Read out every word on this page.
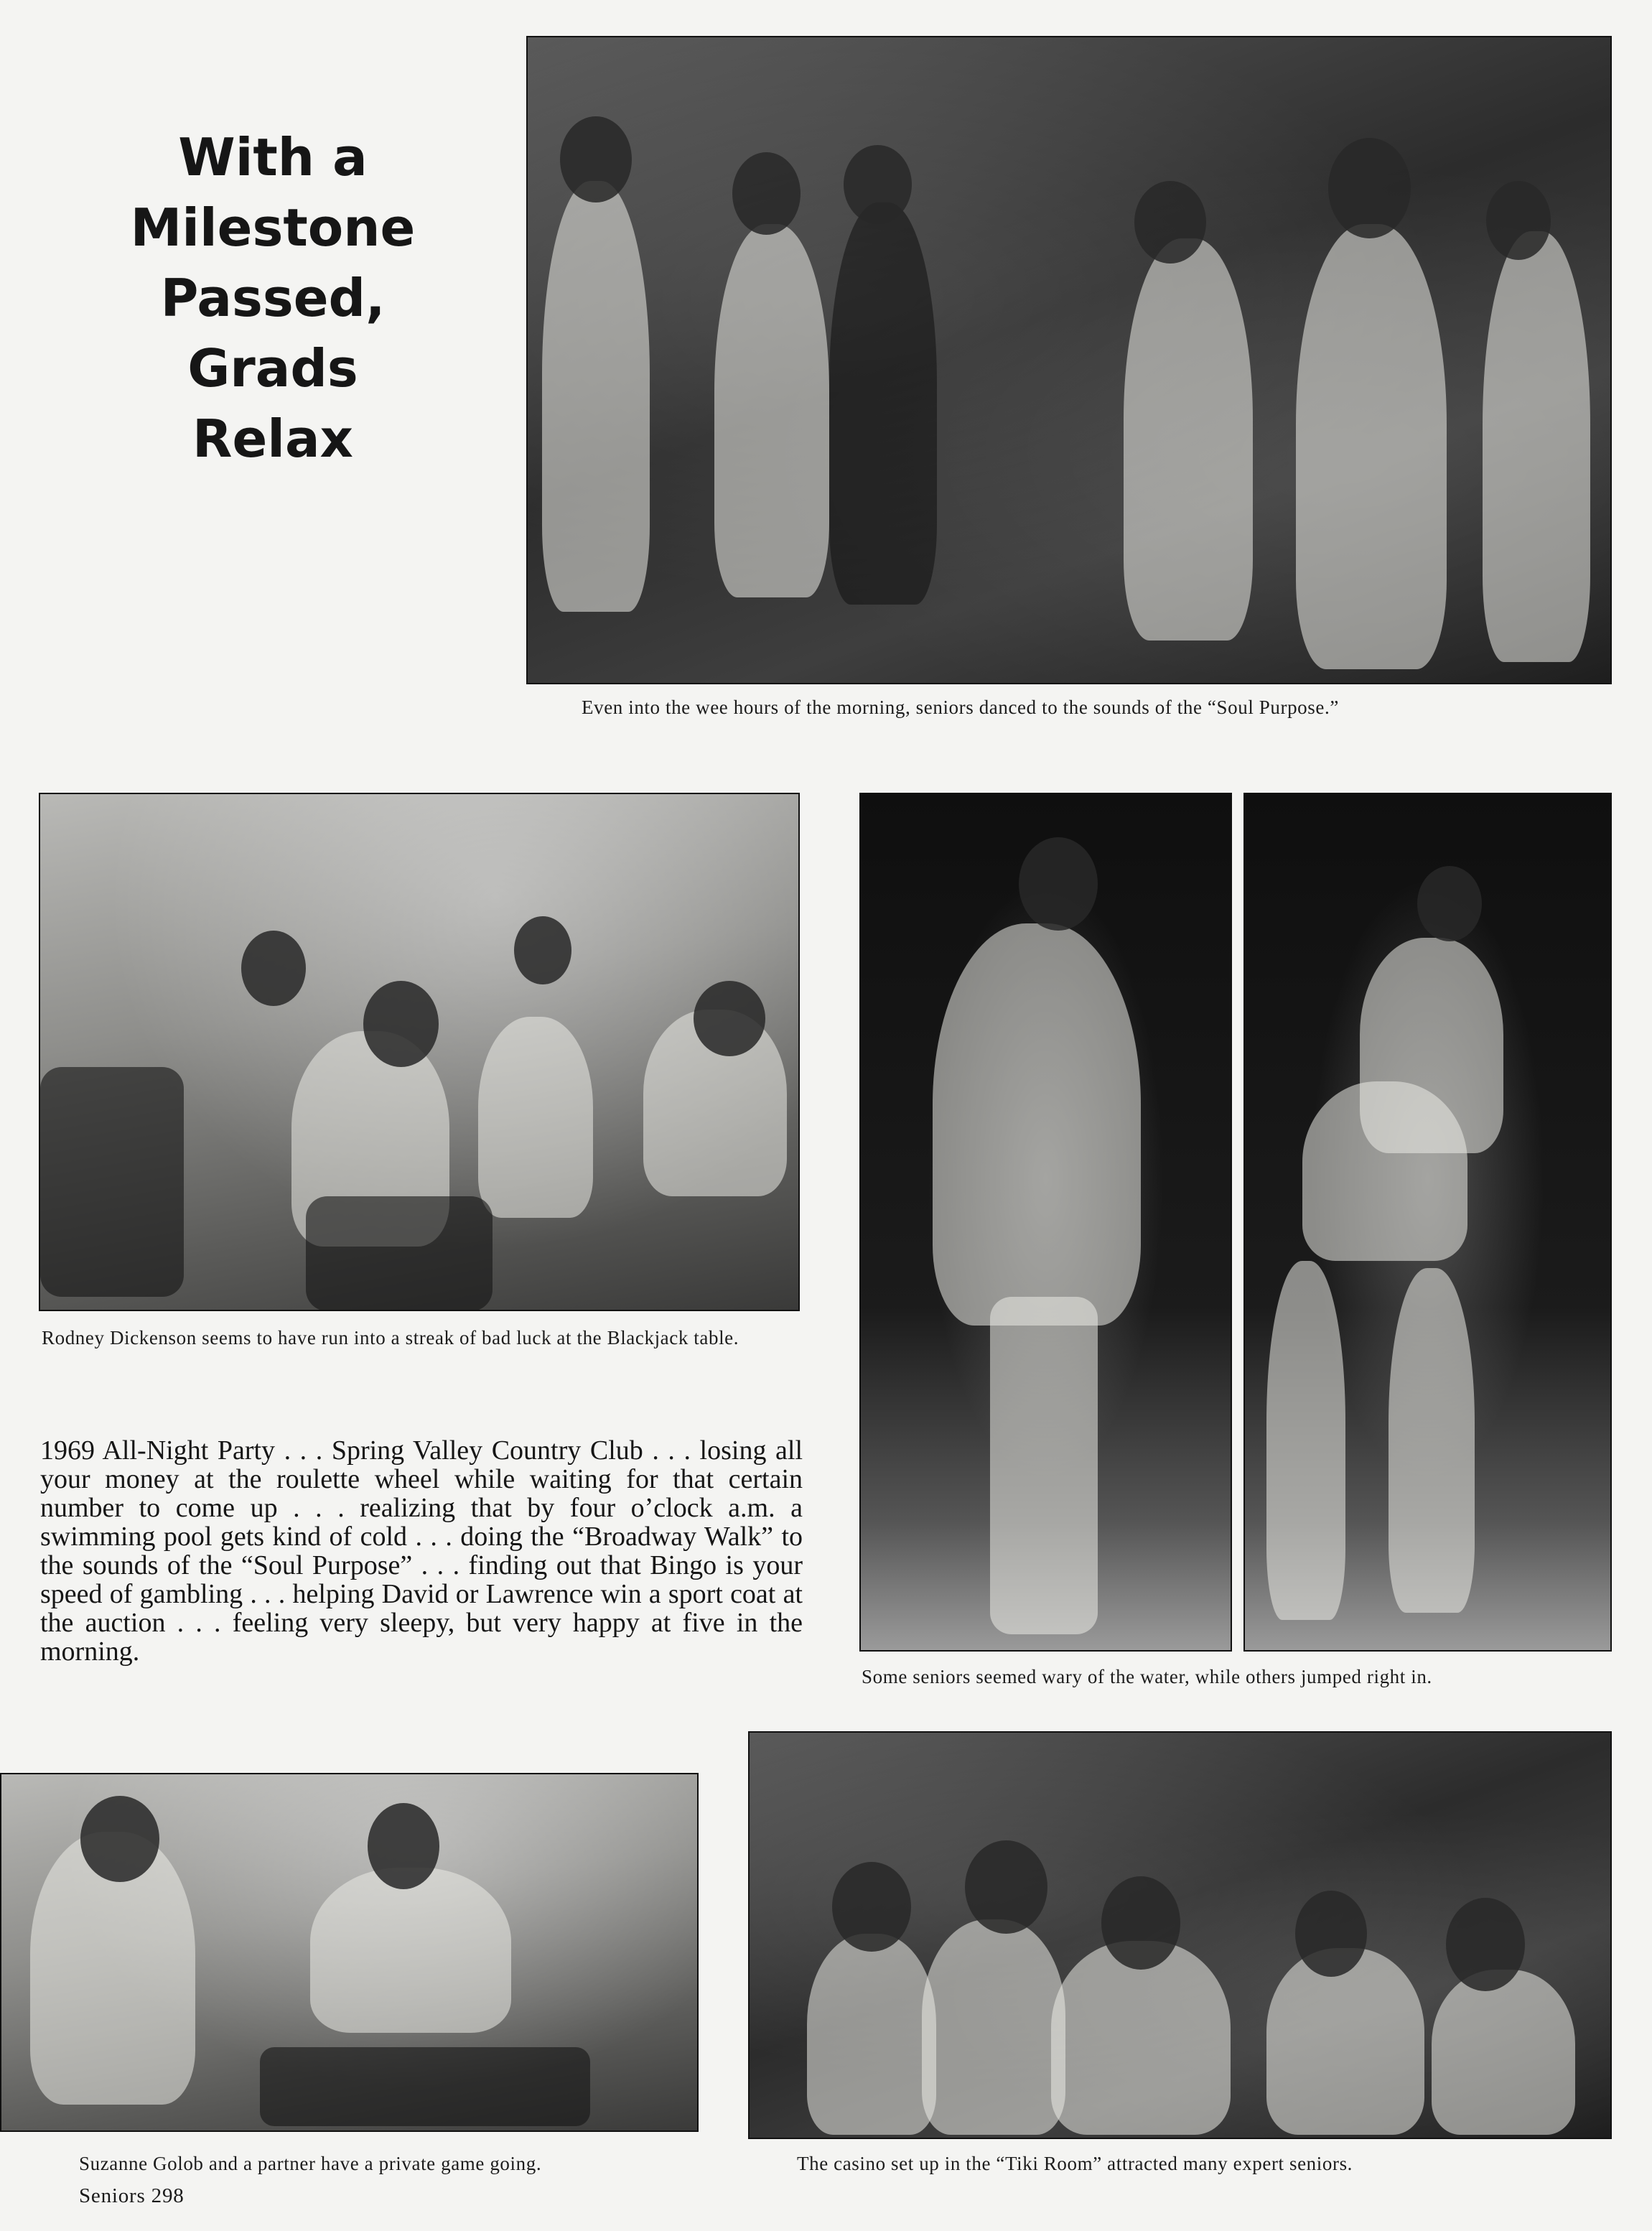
With a
Milestone
Passed,
Grads
Relax
Even into the wee hours of the morning, seniors danced to the sounds of the “Soul Purpose.”
Rodney Dickenson seems to have run into a streak of bad luck at the Blackjack table.
1969 All-Night Party . . . Spring Valley Country Club . . . losing all your money at the roulette wheel while waiting for that certain number to come up . . . realizing that by four o’clock a.m. a swimming pool gets kind of cold . . . doing the “Broadway Walk” to the sounds of the “Soul Purpose” . . . finding out that Bingo is your speed of gambling . . . helping David or Lawrence win a sport coat at the auction . . . feeling very sleepy, but very happy at five in the morning.
Some seniors seemed wary of the water, while others jumped right in.
Suzanne Golob and a partner have a private game going.	The casino set up in the “Tiki Room” attracted many expert seniors.
Seniors 298
